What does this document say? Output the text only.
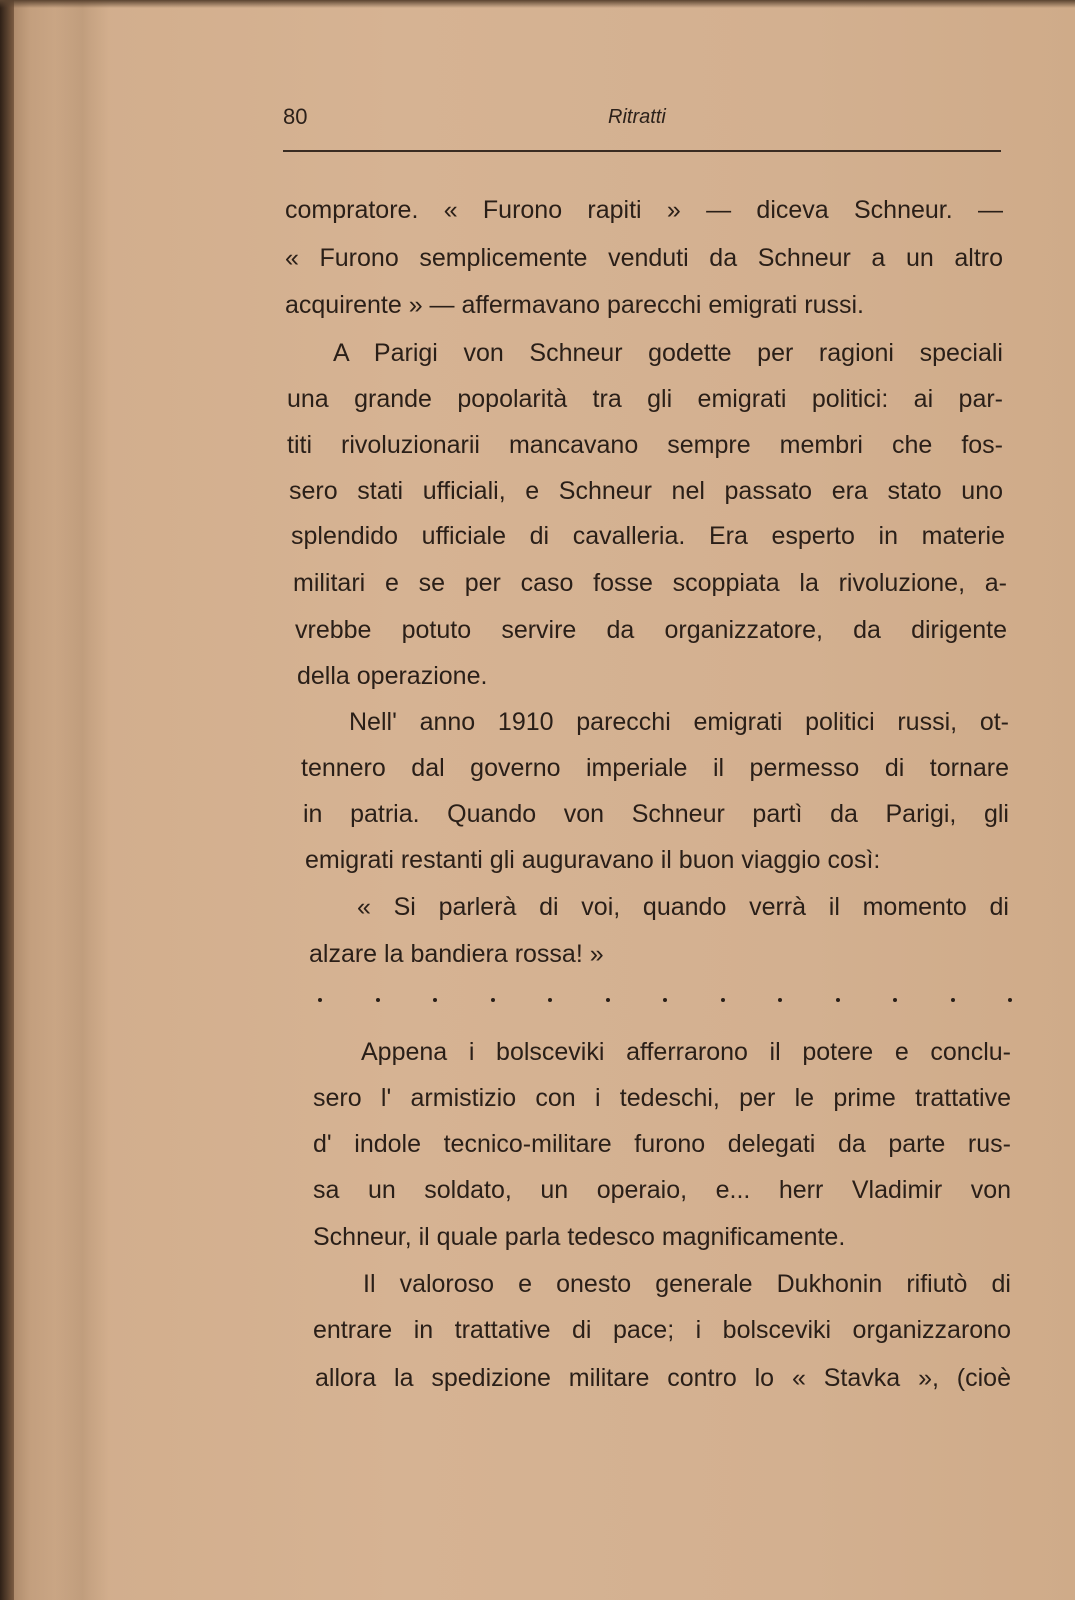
80	Ritratti
compratore. « Furono rapiti » — diceva Schneur. —
« Furono semplicemente venduti da Schneur a un altro
acquirente » — affermavano parecchi emigrati russi.
A Parigi von Schneur godette per ragioni speciali
una grande popolarità tra gli emigrati politici: ai par-
titi rivoluzionarii mancavano sempre membri che fos-
sero stati ufficiali, e Schneur nel passato era stato uno
splendido ufficiale di cavalleria. Era esperto in materie
militari e se per caso fosse scoppiata la rivoluzione, a-
vrebbe potuto servire da organizzatore, da dirigente
della operazione.
Nell' anno 1910 parecchi emigrati politici russi, ot-
tennero dal governo imperiale il permesso di tornare
in patria. Quando von Schneur partì da Parigi, gli
emigrati restanti gli auguravano il buon viaggio così:
« Si parlerà di voi, quando verrà il momento di
alzare la bandiera rossa! »
Appena i bolsceviki afferrarono il potere e conclu-
sero l' armistizio con i tedeschi, per le prime trattative
d' indole tecnico-militare furono delegati da parte rus-
sa un soldato, un operaio, e... herr Vladimir von
Schneur, il quale parla tedesco magnificamente.
Il valoroso e onesto generale Dukhonin rifiutò di
entrare in trattative di pace; i bolsceviki organizzarono
allora la spedizione militare contro lo « Stavka », (cioè
